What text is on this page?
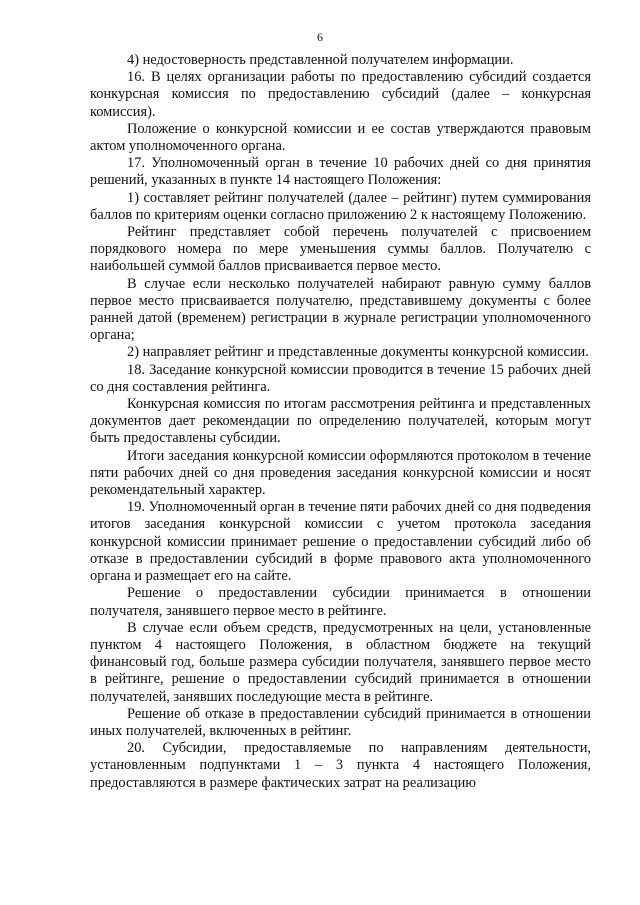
6

4) недостоверность представленной получателем информации.

16. В целях организации работы по предоставлению субсидий создается конкурсная комиссия по предоставлению субсидий (далее – конкурсная комиссия).

Положение о конкурсной комиссии и ее состав утверждаются правовым актом уполномоченного органа.

17. Уполномоченный орган в течение 10 рабочих дней со дня принятия решений, указанных в пункте 14 настоящего Положения:

1) составляет рейтинг получателей (далее – рейтинг) путем суммирования баллов по критериям оценки согласно приложению 2 к настоящему Положению.

Рейтинг представляет собой перечень получателей с присвоением порядкового номера по мере уменьшения суммы баллов. Получателю с наибольшей суммой баллов присваивается первое место.

В случае если несколько получателей набирают равную сумму баллов первое место присваивается получателю, представившему документы с более ранней датой (временем) регистрации в журнале регистрации уполномоченного органа;

2) направляет рейтинг и представленные документы конкурсной комиссии.

18. Заседание конкурсной комиссии проводится в течение 15 рабочих дней со дня составления рейтинга.

Конкурсная комиссия по итогам рассмотрения рейтинга и представленных документов дает рекомендации по определению получателей, которым могут быть предоставлены субсидии.

Итоги заседания конкурсной комиссии оформляются протоколом в течение пяти рабочих дней со дня проведения заседания конкурсной комиссии и носят рекомендательный характер.

19. Уполномоченный орган в течение пяти рабочих дней со дня подведения итогов заседания конкурсной комиссии с учетом протокола заседания конкурсной комиссии принимает решение о предоставлении субсидий либо об отказе в предоставлении субсидий в форме правового акта уполномоченного органа и размещает его на сайте.

Решение о предоставлении субсидии принимается в отношении получателя, занявшего первое место в рейтинге.

В случае если объем средств, предусмотренных на цели, установленные пунктом 4 настоящего Положения, в областном бюджете на текущий финансовый год, больше размера субсидии получателя, занявшего первое место в рейтинге, решение о предоставлении субсидий принимается в отношении получателей, занявших последующие места в рейтинге.

Решение об отказе в предоставлении субсидий принимается в отношении иных получателей, включенных в рейтинг.

20. Субсидии, предоставляемые по направлениям деятельности, установленным подпунктами 1 – 3 пункта 4 настоящего Положения, предоставляются в размере фактических затрат на реализацию
